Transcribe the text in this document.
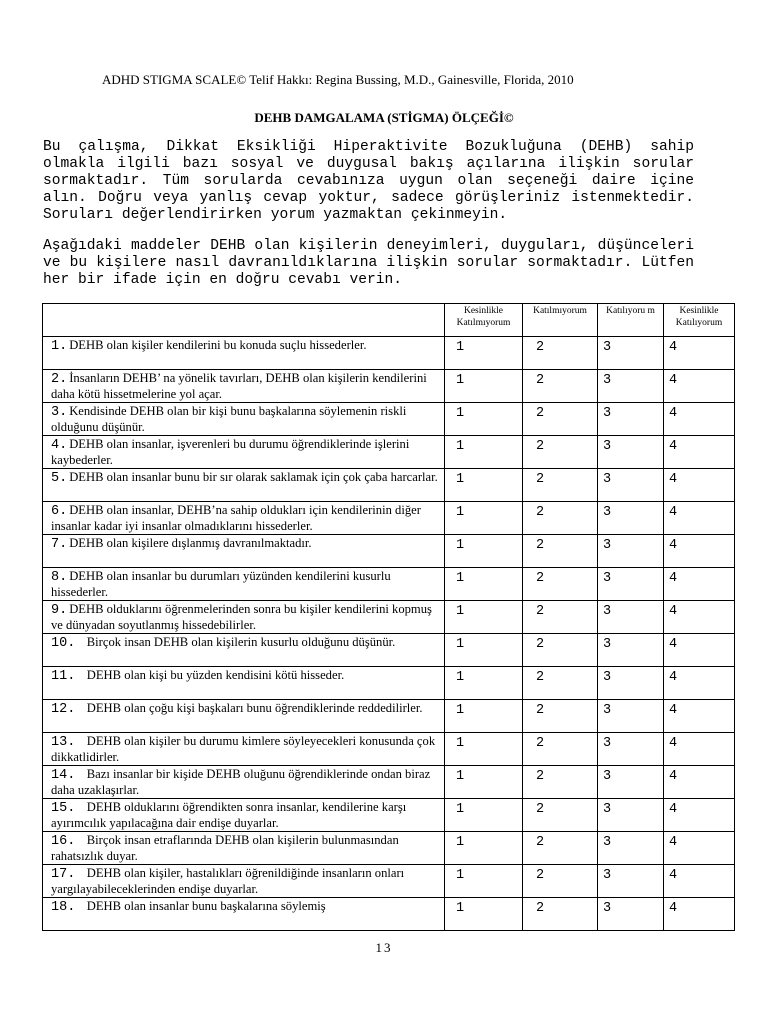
ADHD STIGMA SCALE© Telif Hakkı: Regina Bussing, M.D., Gainesville, Florida, 2010
DEHB DAMGALAMA (STİGMA) ÖLÇEĞİ©

Bu çalışma, Dikkat Eksikliği Hiperaktivite Bozukluğuna (DEHB) sahip olmakla ilgili bazı sosyal ve duygusal bakış açılarına ilişkin sorular sormaktadır. Tüm sorularda cevabınıza uygun olan seçeneği daire içine alın. Doğru veya yanlış cevap yoktur, sadece görüşleriniz istenmektedir. Soruları değerlendirirken yorum yazmaktan çekinmeyin.

Aşağıdaki maddeler DEHB olan kişilerin deneyimleri, duyguları, düşünceleri ve bu kişilere nasıl davranıldıklarına ilişkin sorular sormaktadır. Lütfen her bir ifade için en doğru cevabı verin.

	Kesinlikle Katılmıyorum	Katılmıyorum	Katılıyoru m	Kesinlikle Katılıyorum
1. DEHB olan kişiler kendilerini bu konuda suçlu hissederler.	1	2	3	4
2. İnsanların DEHB’ na yönelik tavırları, DEHB olan kişilerin kendilerini daha kötü hissetmelerine yol açar.	1	2	3	4
3. Kendisinde DEHB olan bir kişi bunu başkalarına söylemenin riskli olduğunu düşünür.	1	2	3	4
4. DEHB olan insanlar, işverenleri bu durumu öğrendiklerinde işlerini kaybederler.	1	2	3	4
5. DEHB olan insanlar bunu bir sır olarak saklamak için çok çaba harcarlar.	1	2	3	4
6. DEHB olan insanlar, DEHB’na sahip oldukları için kendilerinin diğer insanlar kadar iyi insanlar olmadıklarını hissederler.	1	2	3	4
7. DEHB olan kişilere dışlanmış davranılmaktadır.	1	2	3	4
8. DEHB olan insanlar bu durumları yüzünden kendilerini kusurlu hissederler.	1	2	3	4
9. DEHB olduklarını öğrenmelerinden sonra bu kişiler kendilerini kopmuş ve dünyadan soyutlanmış hissedebilirler.	1	2	3	4
10. Birçok insan DEHB olan kişilerin kusurlu olduğunu düşünür.	1	2	3	4
11. DEHB olan kişi bu yüzden kendisini kötü hisseder.	1	2	3	4
12. DEHB olan çoğu kişi başkaları bunu öğrendiklerinde reddedilirler.	1	2	3	4
13. DEHB olan kişiler bu durumu kimlere söyleyecekleri konusunda çok dikkatlidirler.	1	2	3	4
14. Bazı insanlar bir kişide DEHB oluğunu öğrendiklerinde ondan biraz daha uzaklaşırlar.	1	2	3	4
15. DEHB olduklarını öğrendikten sonra insanlar, kendilerine karşı ayırımcılık yapılacağına dair endişe duyarlar.	1	2	3	4
16. Birçok insan etraflarında DEHB olan kişilerin bulunmasından rahatsızlık duyar.	1	2	3	4
17. DEHB olan kişiler, hastalıkları öğrenildiğinde insanların onları yargılayabileceklerinden endişe duyarlar.	1	2	3	4
18. DEHB olan insanlar bunu başkalarına söylemiş	1	2	3	4
13
